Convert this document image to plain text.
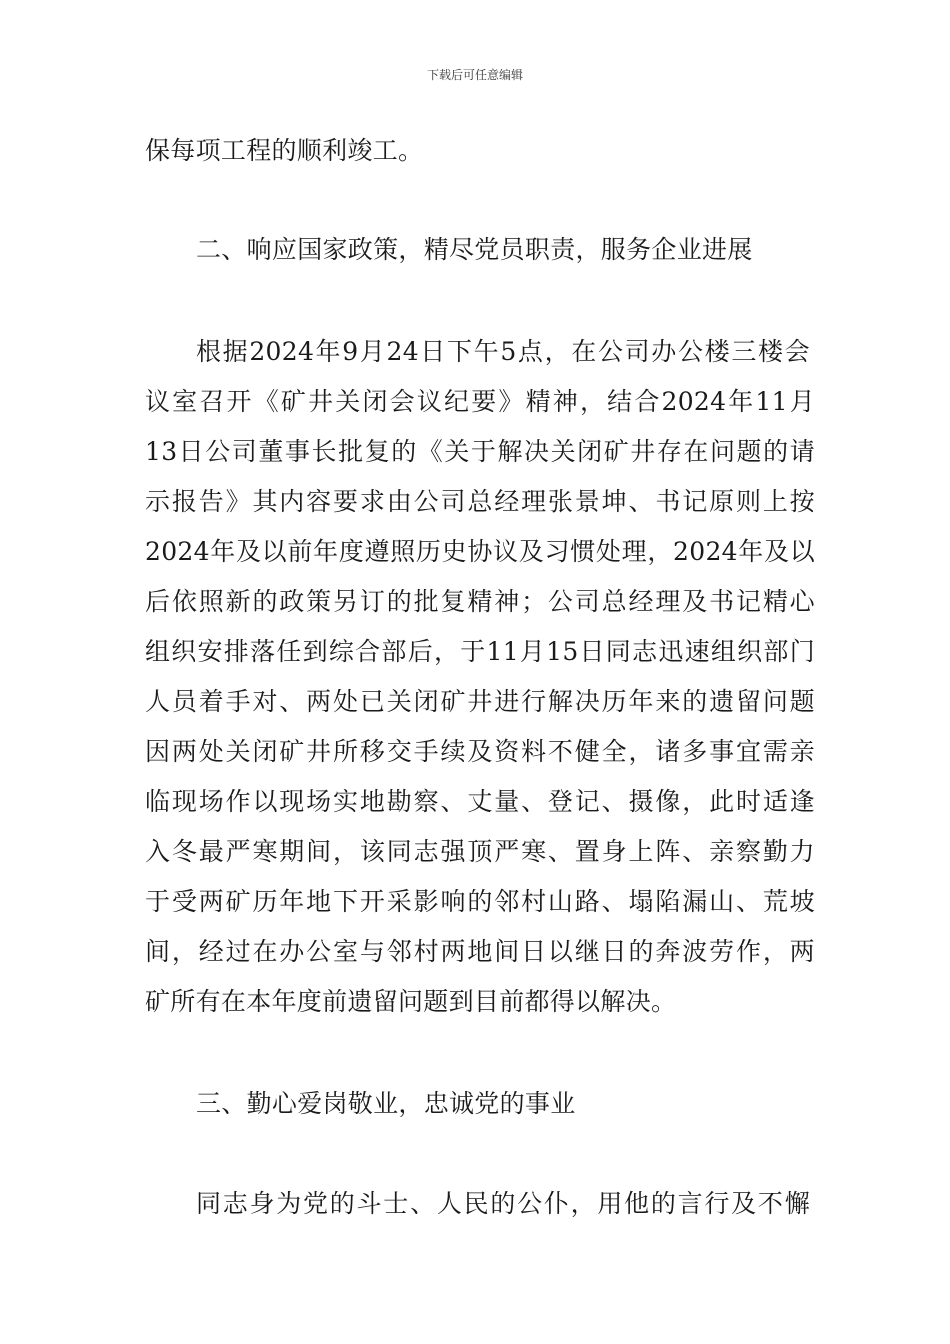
下载后可任意编辑
保每项工程的顺利竣工。
二、响应国家政策，精尽党员职责，服务企业进展
根据2024年9月24日下午5点，在公司办公楼三楼会
议室召开《矿井关闭会议纪要》精神，结合2024年11月
13日公司董事长批复的《关于解决关闭矿井存在问题的请
示报告》其内容要求由公司总经理张景坤、书记原则上按
2024年及以前年度遵照历史协议及习惯处理，2024年及以
后依照新的政策另订的批复精神；公司总经理及书记精心
组织安排落任到综合部后，于11月15日同志迅速组织部门
人员着手对、两处已关闭矿井进行解决历年来的遗留问题
因两处关闭矿井所移交手续及资料不健全，诸多事宜需亲
临现场作以现场实地勘察、丈量、登记、摄像，此时适逢
入冬最严寒期间，该同志强顶严寒、置身上阵、亲察勤力
于受两矿历年地下开采影响的邻村山路、塌陷漏山、荒坡
间，经过在办公室与邻村两地间日以继日的奔波劳作，两
矿所有在本年度前遗留问题到目前都得以解决。
三、勤心爱岗敬业，忠诚党的事业
同志身为党的斗士、人民的公仆，用他的言行及不懈
